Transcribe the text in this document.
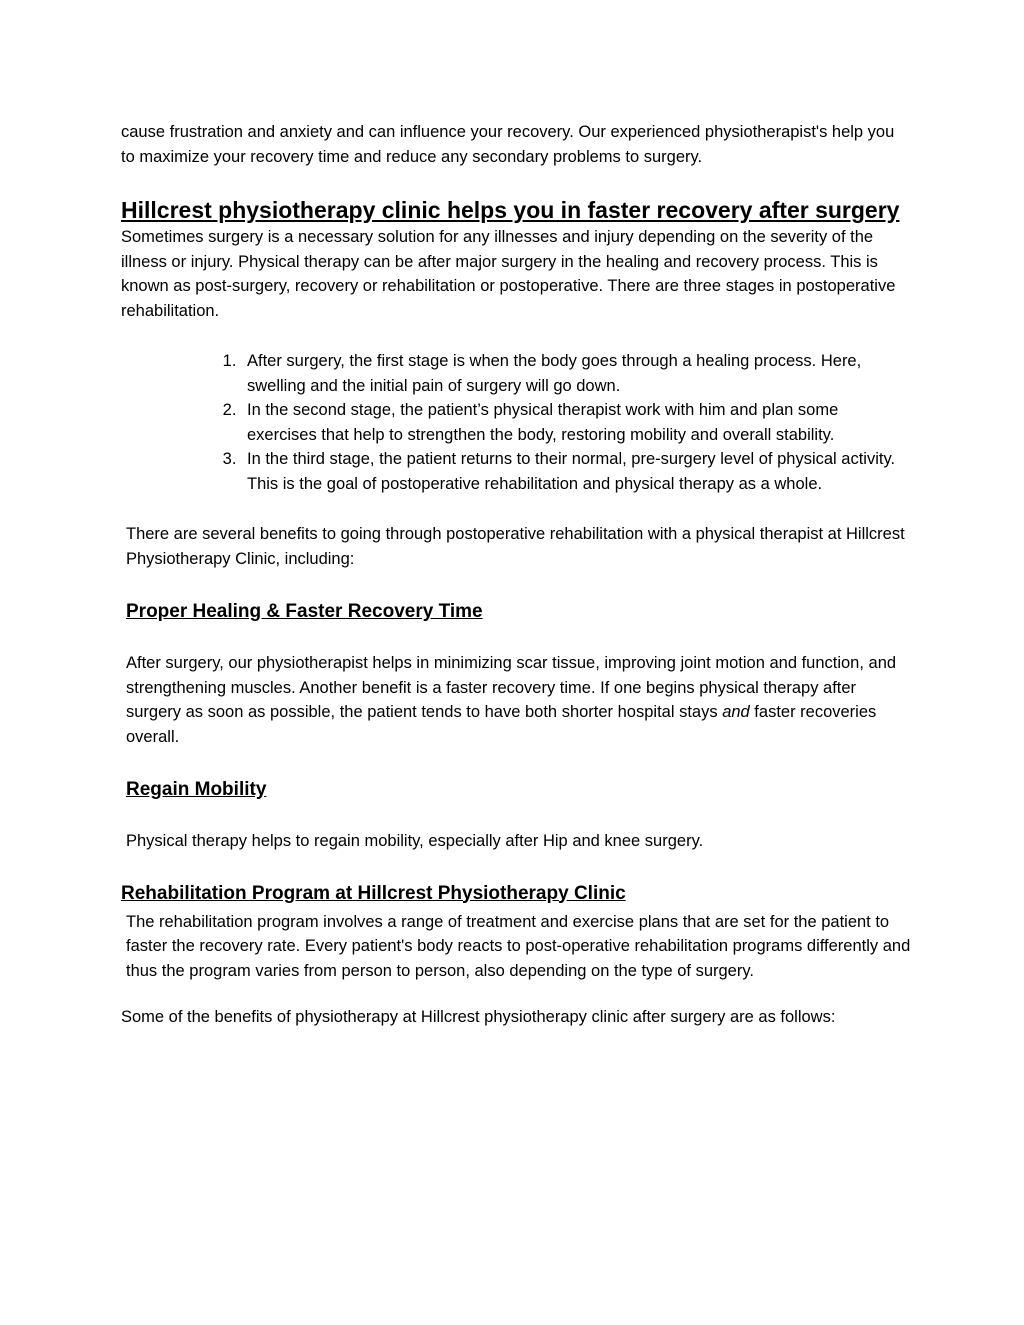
cause frustration and anxiety and can influence your recovery. Our experienced physiotherapist's help you to maximize your recovery time and reduce any secondary problems to surgery.

Hillcrest physiotherapy clinic helps you in faster recovery after surgery

Sometimes surgery is a necessary solution for any illnesses and injury depending on the severity of the illness or injury. Physical therapy can be after major surgery in the healing and recovery process. This is known as post-surgery, recovery or rehabilitation or postoperative. There are three stages in postoperative rehabilitation.

1. After surgery, the first stage is when the body goes through a healing process. Here, swelling and the initial pain of surgery will go down.
2. In the second stage, the patient’s physical therapist work with him and plan some exercises that help to strengthen the body, restoring mobility and overall stability.
3. In the third stage, the patient returns to their normal, pre-surgery level of physical activity. This is the goal of postoperative rehabilitation and physical therapy as a whole.

There are several benefits to going through postoperative rehabilitation with a physical therapist at Hillcrest Physiotherapy Clinic, including:

Proper Healing & Faster Recovery Time

After surgery, our physiotherapist helps in minimizing scar tissue, improving joint motion and function, and strengthening muscles. Another benefit is a faster recovery time. If one begins physical therapy after surgery as soon as possible, the patient tends to have both shorter hospital stays and faster recoveries overall.

Regain Mobility

Physical therapy helps to regain mobility, especially after Hip and knee surgery.

Rehabilitation Program at Hillcrest Physiotherapy Clinic

The rehabilitation program involves a range of treatment and exercise plans that are set for the patient to faster the recovery rate. Every patient's body reacts to post-operative rehabilitation programs differently and thus the program varies from person to person, also depending on the type of surgery.

Some of the benefits of physiotherapy at Hillcrest physiotherapy clinic after surgery are as follows:
